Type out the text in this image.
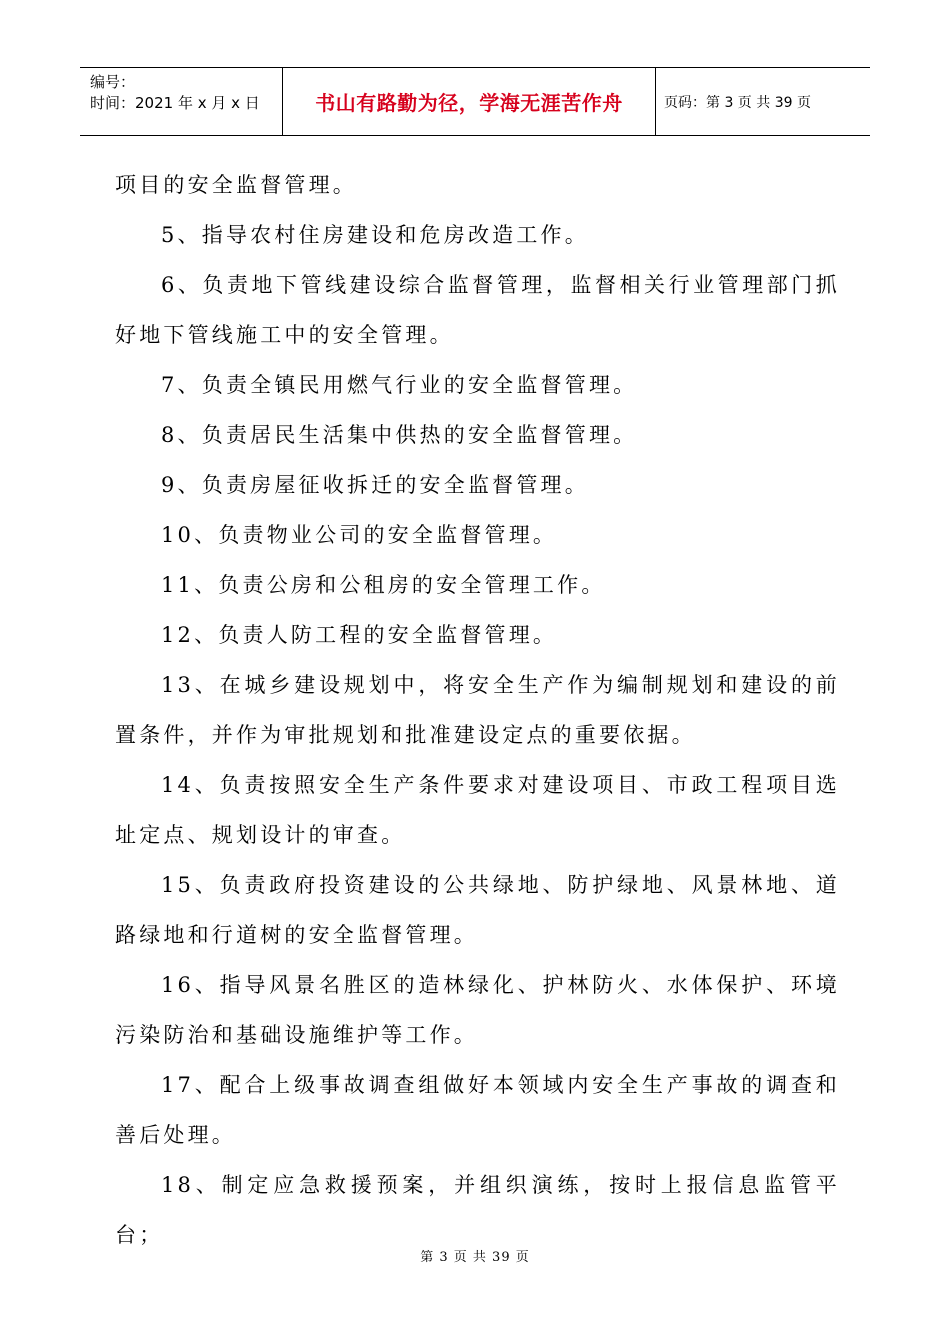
编号：
时间：2021 年 x 月 x 日	书山有路勤为径，学海无涯苦作舟	页码：第 3 页 共 39 页

项目的安全监督管理。

5、指导农村住房建设和危房改造工作。

6、负责地下管线建设综合监督管理，监督相关行业管理部门抓好地下管线施工中的安全管理。

7、负责全镇民用燃气行业的安全监督管理。

8、负责居民生活集中供热的安全监督管理。

9、负责房屋征收拆迁的安全监督管理。

10、负责物业公司的安全监督管理。

11、负责公房和公租房的安全管理工作。

12、负责人防工程的安全监督管理。

13、在城乡建设规划中，将安全生产作为编制规划和建设的前置条件，并作为审批规划和批准建设定点的重要依据。

14、负责按照安全生产条件要求对建设项目、市政工程项目选址定点、规划设计的审查。

15、负责政府投资建设的公共绿地、防护绿地、风景林地、道路绿地和行道树的安全监督管理。

16、指导风景名胜区的造林绿化、护林防火、水体保护、环境污染防治和基础设施维护等工作。

17、配合上级事故调查组做好本领域内安全生产事故的调查和善后处理。

18、制定应急救援预案，并组织演练，按时上报信息监管平台；

第 3 页 共 39 页
